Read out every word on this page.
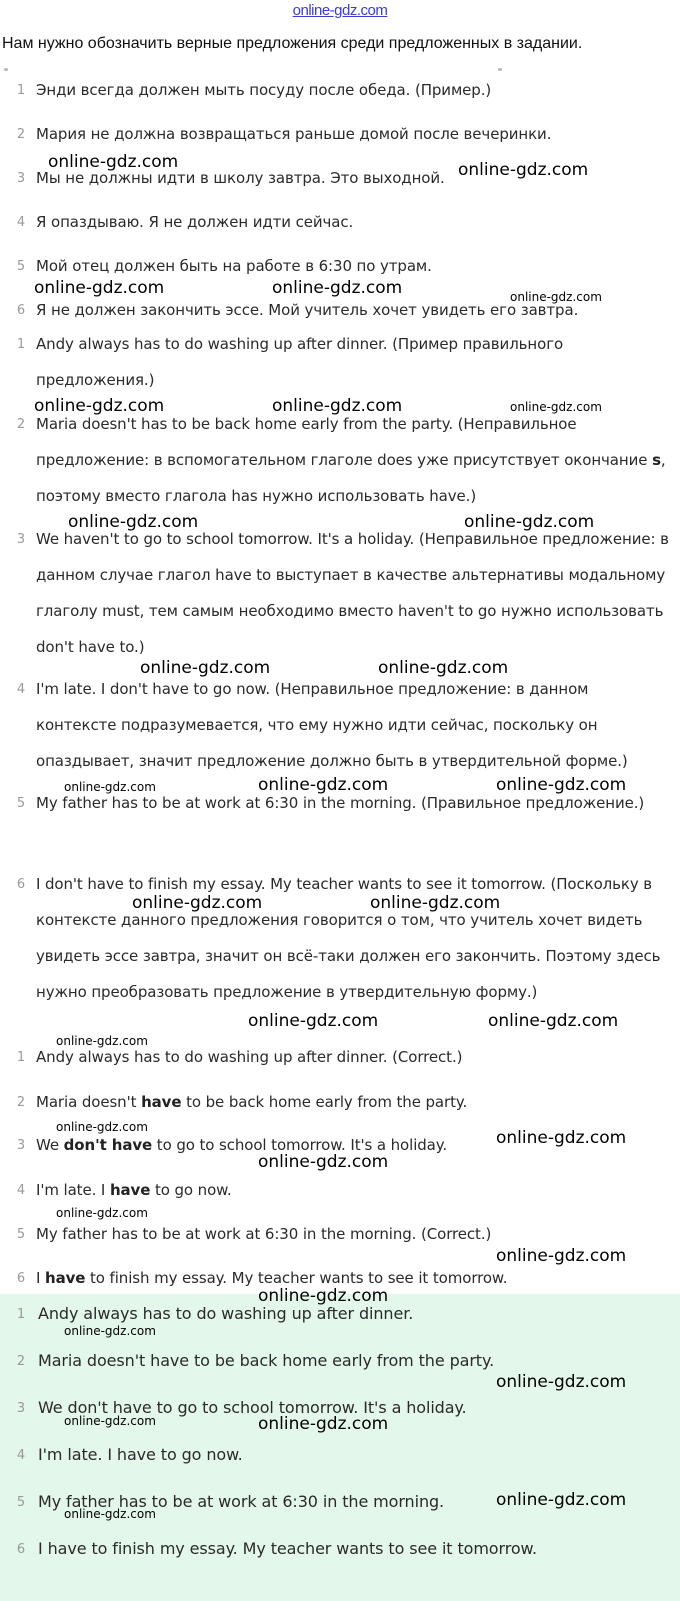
online-gdz.com
Нам нужно обозначить верные предложения среди предложенных в задании.
1 Энди всегда должен мыть посуду после обеда. (Пример.)
2 Мария не должна возвращаться раньше домой после вечеринки.
3 Мы не должны идти в школу завтра. Это выходной.
4 Я опаздываю. Я не должен идти сейчас.
5 Мой отец должен быть на работе в 6:30 по утрам.
6 Я не должен закончить эссе. Мой учитель хочет увидеть его завтра.
1 Andy always has to do washing up after dinner. (Пример правильного предложения.)
2 Maria doesn't has to be back home early from the party. (Неправильное предложение: в вспомогательном глаголе does уже присутствует окончание s, поэтому вместо глагола has нужно использовать have.)
3 We haven't to go to school tomorrow. It's a holiday. (Неправильное предложение: в данном случае глагол have to выступает в качестве альтернативы модальному глаголу must, тем самым необходимо вместо haven't to go нужно использовать don't have to.)
4 I'm late. I don't have to go now. (Неправильное предложение: в данном контексте подразумевается, что ему нужно идти сейчас, поскольку он опаздывает, значит предложение должно быть в утвердительной форме.)
5 My father has to be at work at 6:30 in the morning. (Правильное предложение.)
6 I don't have to finish my essay. My teacher wants to see it tomorrow. (Поскольку в контексте данного предложения говорится о том, что учитель хочет видеть увидеть эссе завтра, значит он всё-таки должен его закончить. Поэтому здесь нужно преобразовать предложение в утвердительную форму.)
1 Andy always has to do washing up after dinner. (Correct.)
2 Maria doesn't have to be back home early from the party.
3 We don't have to go to school tomorrow. It's a holiday.
4 I'm late. I have to go now.
5 My father has to be at work at 6:30 in the morning. (Correct.)
6 I have to finish my essay. My teacher wants to see it tomorrow.
1 Andy always has to do washing up after dinner.
2 Maria doesn't have to be back home early from the party.
3 We don't have to go to school tomorrow. It's a holiday.
4 I'm late. I have to go now.
5 My father has to be at work at 6:30 in the morning.
6 I have to finish my essay. My teacher wants to see it tomorrow.
online-gdz.com	online-gdz.com
online-gdz.com	online-gdz.com	online-gdz.com
online-gdz.com	online-gdz.com	online-gdz.com
online-gdz.com	online-gdz.com
online-gdz.com	online-gdz.com
online-gdz.com	online-gdz.com	online-gdz.com
online-gdz.com	online-gdz.com
online-gdz.com	online-gdz.com
online-gdz.com
online-gdz.com
online-gdz.com
online-gdz.com
online-gdz.com
online-gdz.com
online-gdz.com
online-gdz.com
online-gdz.com
online-gdz.com	online-gdz.com
online-gdz.com
online-gdz.com
